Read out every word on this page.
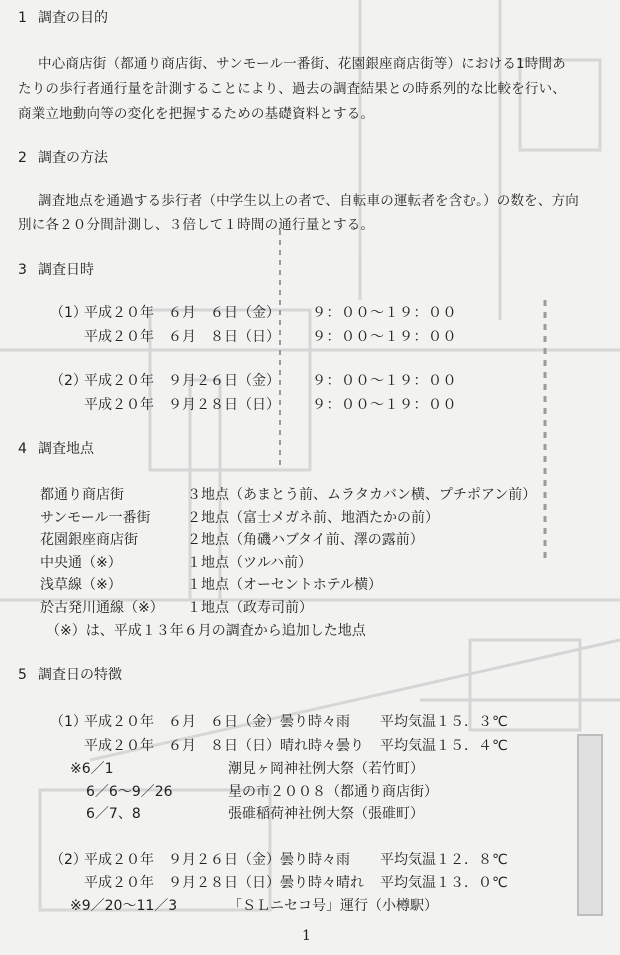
1 調査の目的
中心商店街（都通り商店街、サンモール一番街、花園銀座商店街等）における1時間あ
たりの歩行者通行量を計測することにより、過去の調査結果との時系列的な比較を行い、
商業立地動向等の変化を把握するための基礎資料とする。
2 調査の方法
調査地点を通過する歩行者（中学生以上の者で、自転車の運転者を含む。）の数を、方向
別に各２０分間計測し、３倍して１時間の通行量とする。
3 調査日時
（1）
平成２０年　６月　６日（金） ９：００～１９：００
平成２０年　６月　８日（日） ９：００～１９：００
（2）
平成２０年　９月２６日（金） ９：００～１９：００
平成２０年　９月２８日（日） ９：００～１９：００
4 調査地点
都通り商店街	３地点（あまとう前、ムラタカバン横、プチポアン前）
サンモール一番街	２地点（富士メガネ前、地酒たかの前）
花園銀座商店街	２地点（角磯ハブタイ前、澤の露前）
中央通（※）	１地点（ツルハ前）
浅草線（※）	１地点（オーセントホテル横）
於古発川通線（※） １地点（政寿司前）
（※）は、平成１３年６月の調査から追加した地点
5 調査日の特徴
（1）
平成２０年　６月　６日（金）曇り時々雨 平均気温１５．３℃
平成２０年　６月　８日（日）晴れ時々曇り 平均気温１５．４℃
※6／1	潮見ヶ岡神社例大祭（若竹町）
6／6～9／26	星の市２００８（都通り商店街）
6／7、8	張碓稲荷神社例大祭（張碓町）
（2）
平成２０年　９月２６日（金）曇り時々雨 平均気温１２．８℃
平成２０年　９月２８日（日）曇り時々晴れ 平均気温１３．０℃
※9／20～11／3	「ＳＬニセコ号」運行（小樽駅）
1
